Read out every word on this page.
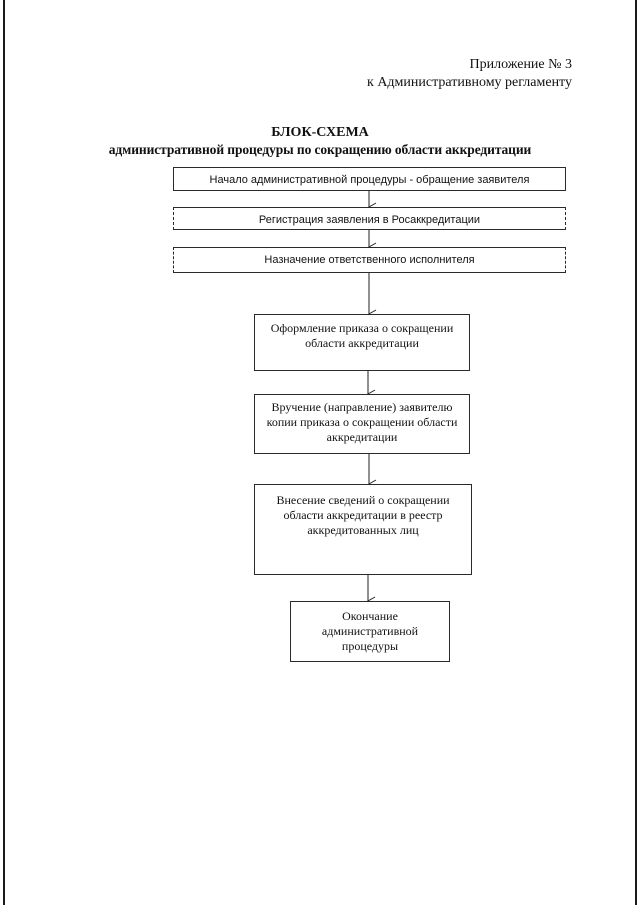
Приложение № 3
к Административному регламенту
БЛОК-СХЕМА
административной процедуры по сокращению области аккредитации
Начало административной процедуры - обращение заявителя
Регистрация заявления в Росаккредитации
Назначение ответственного исполнителя
Оформление приказа о сокращении области аккредитации
Вручение (направление) заявителю копии приказа о сокращении области аккредитации
Внесение сведений о сокращении области аккредитации в реестр аккредитованных лиц
Окончание административной процедуры
